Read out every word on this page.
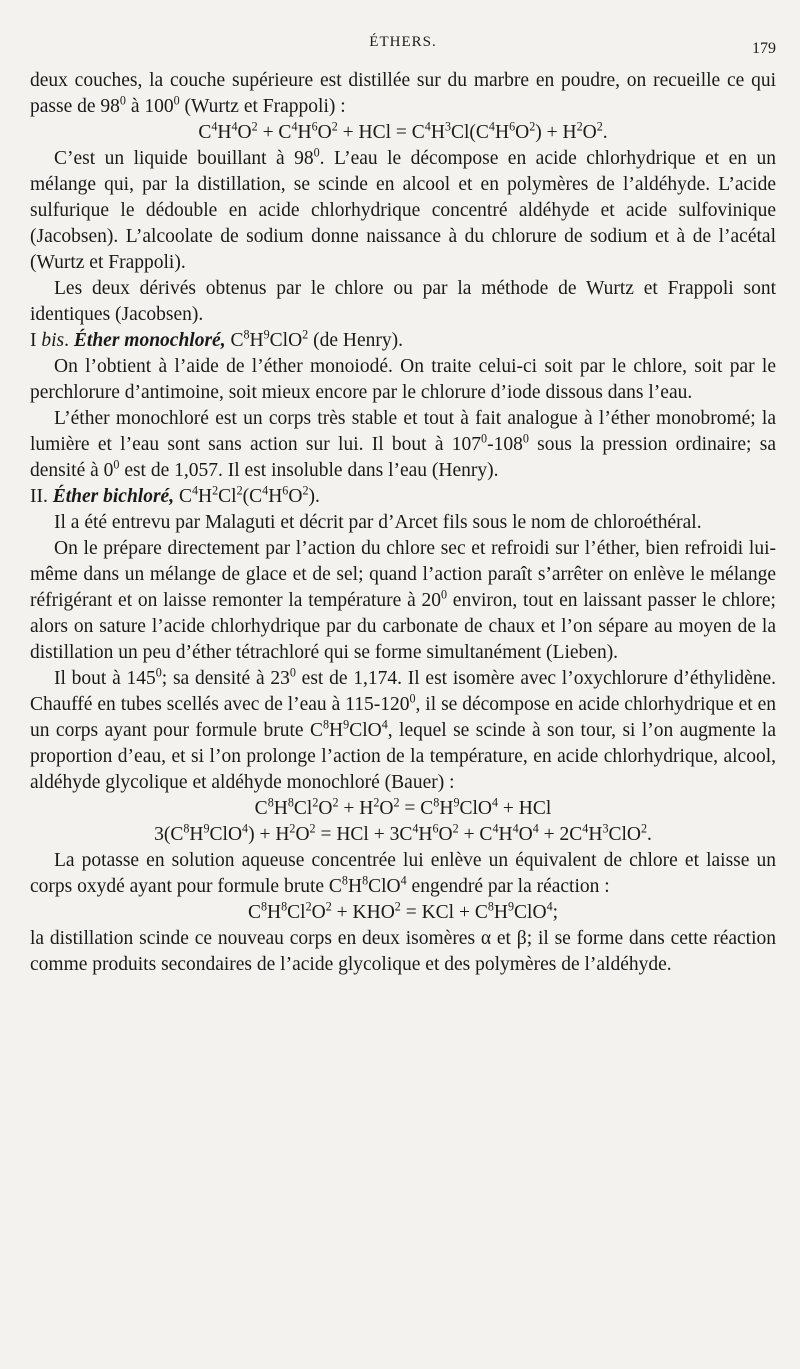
ÉTHERS.	179

deux couches, la couche supérieure est distillée sur du marbre en poudre, on recueille ce qui passe de $98^0$ à $100^0$ (Wurtz et Frappoli) :

$C^4H^4O^2 + C^4H^6O^2$ + HCl = $C^4H^3Cl(C^4H^6O^2) + H^2O^2$.

C’est un liquide bouillant à $98^0$. L’eau le décompose en acide chlorhydrique et en un mélange qui, par la distillation, se scinde en alcool et en polymères de l’aldéhyde. L’acide sulfurique le dédouble en acide chlorhydrique concentré aldéhyde et acide sulfovinique (Jacobsen). L’alcoolate de sodium donne naissance à du chlorure de sodium et à de l’acétal (Wurtz et Frappoli).

Les deux dérivés obtenus par le chlore ou par la méthode de Wurtz et Frappoli sont identiques (Jacobsen).

I bis. Éther monochloré, $C^8H^9ClO^2$ (de Henry).

On l’obtient à l’aide de l’éther monoiodé. On traite celui-ci soit par le chlore, soit par le perchlorure d’antimoine, soit mieux encore par le chlorure d’iode dissous dans l’eau.

L’éther monochloré est un corps très stable et tout à fait analogue à l’éther monobromé; la lumière et l’eau sont sans action sur lui. Il bout à $107^0-108^0$ sous la pression ordinaire; sa densité à $0^0$ est de 1,057. Il est insoluble dans l’eau (Henry).

II. Éther bichloré, $C^4H^2Cl^2(C^4H^6O^2)$.

Il a été entrevu par Malaguti et décrit par d’Arcet fils sous le nom de chloroéthéral.

On le prépare directement par l’action du chlore sec et refroidi sur l’éther, bien refroidi lui-même dans un mélange de glace et de sel; quand l’action paraît s’arrêter on enlève le mélange réfrigérant et on laisse remonter la température à $20^0$ environ, tout en laissant passer le chlore; alors on sature l’acide chlorhydrique par du carbonate de chaux et l’on sépare au moyen de la distillation un peu d’éther tétrachloré qui se forme simultanément (Lieben).

Il bout à $145^0$; sa densité à $23^0$ est de 1,174. Il est isomère avec l’oxychlorure d’éthylidène. Chauffé en tubes scellés avec de l’eau à $115-120^0$, il se décompose en acide chlorhydrique et en un corps ayant pour formule brute $C^8H^9ClO^4$, lequel se scinde à son tour, si l’on augmente la proportion d’eau, et si l’on prolonge l’action de la température, en acide chlorhydrique, alcool, aldéhyde glycolique et aldéhyde monochloré (Bauer) :

$C^8H^8Cl^2O^2 + H^2O^2 = C^8H^9ClO^4$ + HCl

$3(C^8H^9ClO^4) + H^2O^2$ = HCl + $3C^4H^6O^2 + C^4H^4O^4 + 2C^4H^3ClO^2$.

La potasse en solution aqueuse concentrée lui enlève un équivalent de chlore et laisse un corps oxydé ayant pour formule brute $C^8H^8ClO^4$ engendré par la réaction :

$C^8H^8Cl^2O^2 + KHO^2$ = KCl + $C^8H^9ClO^4$;

la distillation scinde ce nouveau corps en deux isomères α et β; il se forme dans cette réaction comme produits secondaires de l’acide glycolique et des polymères de l’aldéhyde.
